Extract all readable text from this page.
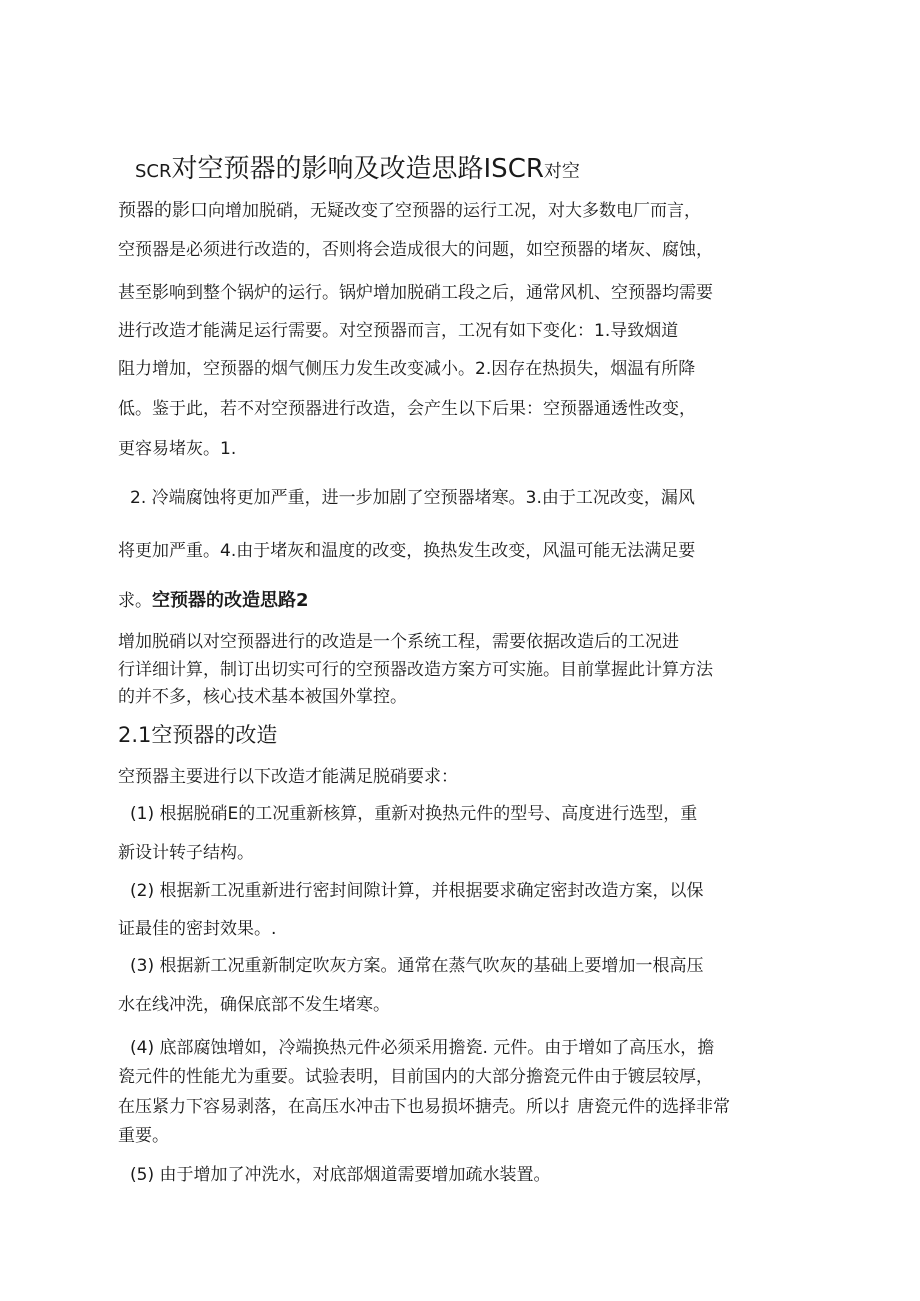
SCR对空预器的影响及改造思路ISCR对空
预器的影口向增加脱硝，无疑改变了空预器的运行工况，对大多数电厂而言，
空预器是必须进行改造的，否则将会造成很大的问题，如空预器的堵灰、腐蚀，
甚至影响到整个锅炉的运行。锅炉增加脱硝工段之后，通常风机、空预器均需要
进行改造才能满足运行需要。对空预器而言，工况有如下变化：1.导致烟道
阻力增加，空预器的烟气侧压力发生改变减小。2.因存在热损失，烟温有所降
低。鉴于此，若不对空预器进行改造，会产生以下后果：空预器通透性改变，
更容易堵灰。1.
2. 冷端腐蚀将更加严重，进一步加剧了空预器堵寒。3.由于工况改变，漏风
将更加严重。4.由于堵灰和温度的改变，换热发生改变，风温可能无法满足要
求。空预器的改造思路2
增加脱硝以对空预器进行的改造是一个系统工程，需要依据改造后的工况进
行详细计算，制订出切实可行的空预器改造方案方可实施。目前掌握此计算方法
的并不多，核心技术基本被国外掌控。
2.1空预器的改造
空预器主要进行以下改造才能满足脱硝要求：
(1) 根据脱硝E的工况重新核算，重新对换热元件的型号、高度进行选型，重
新设计转子结构。
(2) 根据新工况重新进行密封间隙计算，并根据要求确定密封改造方案，以保
证最佳的密封效果。.
(3) 根据新工况重新制定吹灰方案。通常在蒸气吹灰的基础上要增加一根高压
水在线冲洗，确保底部不发生堵寒。
(4) 底部腐蚀增如，冷端换热元件必须采用擔瓷. 元件。由于增如了高压水，擔
瓷元件的性能尤为重要。试验表明，目前国内的大部分擔瓷元件由于镀层较厚，
在压紧力下容易剥落，在高压水冲击下也易损坏搪壳。所以扌唐瓷元件的选择非常
重要。
(5) 由于增加了冲洗水，对底部烟道需要增加疏水装置。
